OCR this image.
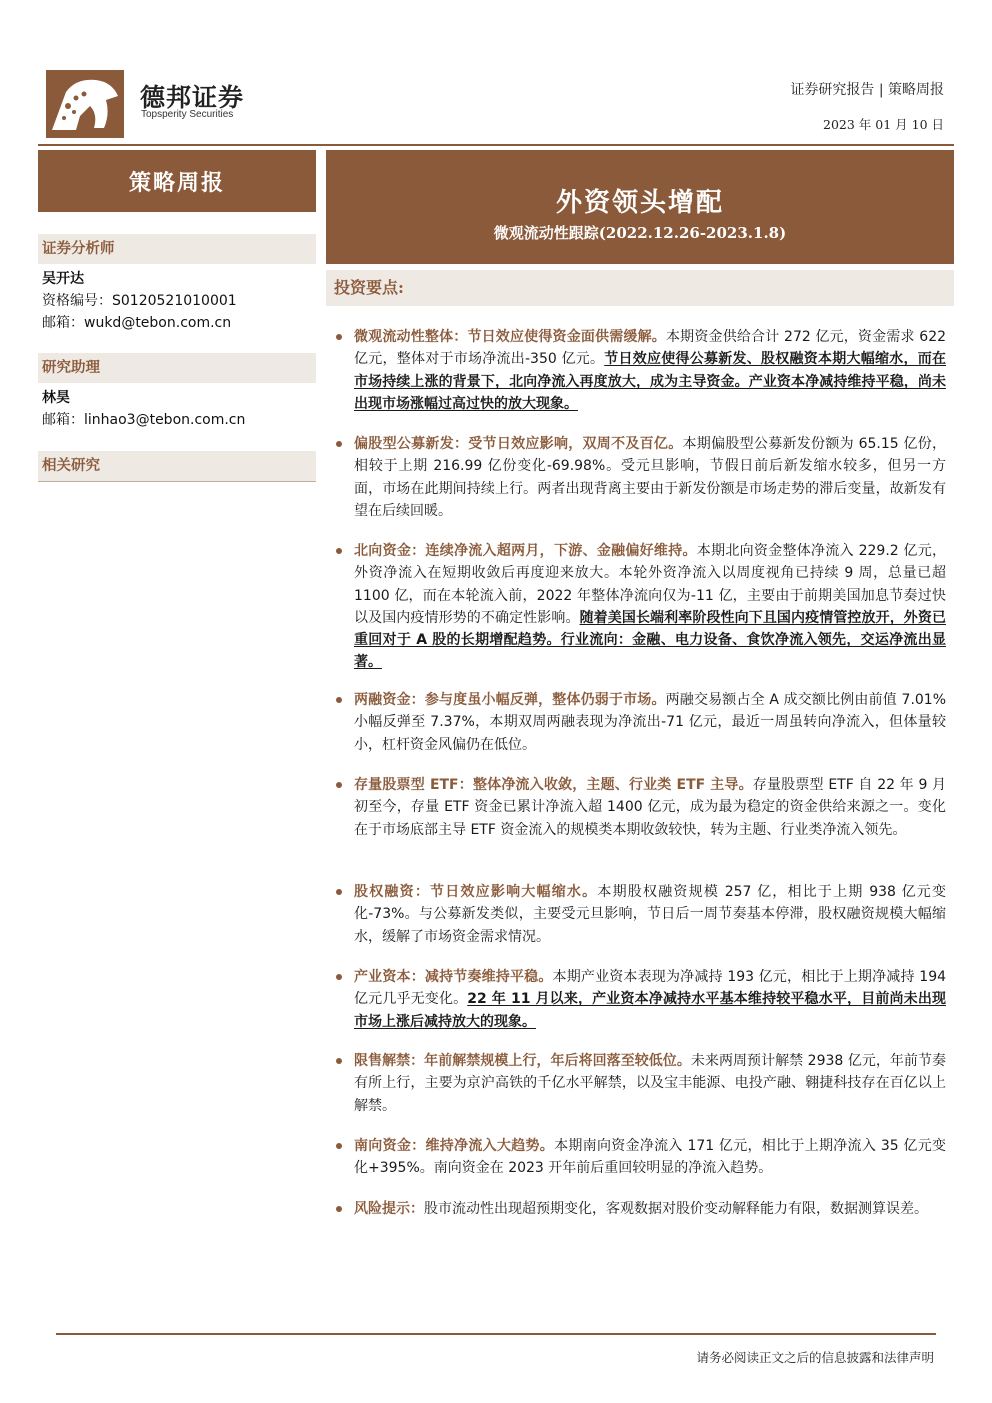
德邦证券
Topsperity Securities
证券研究报告 | 策略周报
2023 年 01 月 10 日
策略周报
证券分析师
吴开达
资格编号：S0120521010001
邮箱：wukd@tebon.com.cn
研究助理
林昊
邮箱：linhao3@tebon.com.cn
相关研究
外资领头增配
微观流动性跟踪(2022.12.26-2023.1.8)
投资要点:
微观流动性整体：节日效应使得资金面供需缓解。本期资金供给合计 272 亿元，资金需求 622 亿元，整体对于市场净流出-350 亿元。节日效应使得公募新发、股权融资本期大幅缩水，而在市场持续上涨的背景下，北向净流入再度放大，成为主导资金。产业资本净减持维持平稳，尚未出现市场涨幅过高过快的放大现象。
偏股型公募新发：受节日效应影响，双周不及百亿。本期偏股型公募新发份额为 65.15 亿份，相较于上期 216.99 亿份变化-69.98%。受元旦影响，节假日前后新发缩水较多，但另一方面，市场在此期间持续上行。两者出现背离主要由于新发份额是市场走势的滞后变量，故新发有望在后续回暖。
北向资金：连续净流入超两月，下游、金融偏好维持。本期北向资金整体净流入 229.2 亿元，外资净流入在短期收敛后再度迎来放大。本轮外资净流入以周度视角已持续 9 周，总量已超 1100 亿，而在本轮流入前，2022 年整体净流向仅为-11 亿，主要由于前期美国加息节奏过快以及国内疫情形势的不确定性影响。随着美国长端利率阶段性向下且国内疫情管控放开，外资已重回对于 A 股的长期增配趋势。行业流向：金融、电力设备、食饮净流入领先，交运净流出显著。
两融资金：参与度虽小幅反弹，整体仍弱于市场。两融交易额占全 A 成交额比例由前值 7.01%小幅反弹至 7.37%，本期双周两融表现为净流出-71 亿元，最近一周虽转向净流入，但体量较小，杠杆资金风偏仍在低位。
存量股票型 ETF：整体净流入收敛，主题、行业类 ETF 主导。存量股票型 ETF 自 22 年 9 月初至今，存量 ETF 资金已累计净流入超 1400 亿元，成为最为稳定的资金供给来源之一。变化在于市场底部主导 ETF 资金流入的规模类本期收敛较快，转为主题、行业类净流入领先。
股权融资：节日效应影响大幅缩水。本期股权融资规模 257 亿，相比于上期 938 亿元变化-73%。与公募新发类似，主要受元旦影响，节日后一周节奏基本停滞，股权融资规模大幅缩水，缓解了市场资金需求情况。
产业资本：减持节奏维持平稳。本期产业资本表现为净减持 193 亿元，相比于上期净减持 194 亿元几乎无变化。22 年 11 月以来，产业资本净减持水平基本维持较平稳水平，目前尚未出现市场上涨后减持放大的现象。
限售解禁：年前解禁规模上行，年后将回落至较低位。未来两周预计解禁 2938 亿元，年前节奏有所上行，主要为京沪高铁的千亿水平解禁，以及宝丰能源、电投产融、翱捷科技存在百亿以上解禁。
南向资金：维持净流入大趋势。本期南向资金净流入 171 亿元，相比于上期净流入 35 亿元变化+395%。南向资金在 2023 开年前后重回较明显的净流入趋势。
风险提示：股市流动性出现超预期变化，客观数据对股价变动解释能力有限，数据测算误差。
请务必阅读正文之后的信息披露和法律声明
